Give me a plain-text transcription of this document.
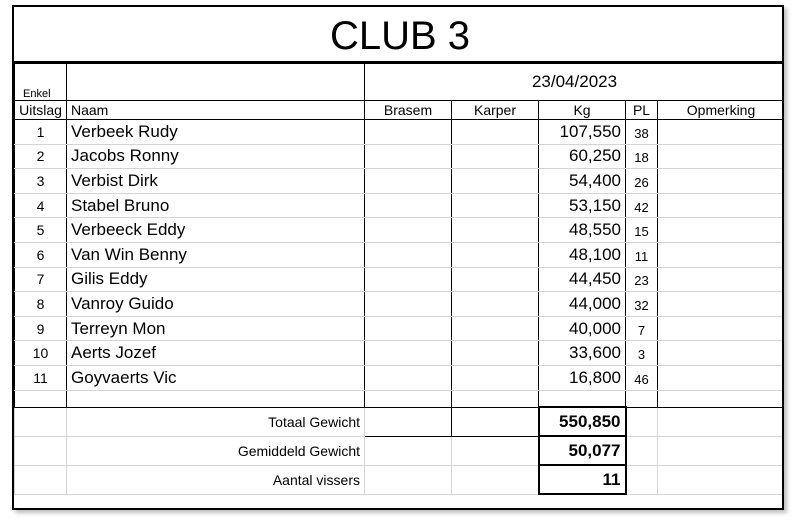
CLUB 3
Enkel		23/04/2023				
Uitslag	Naam	Brasem	Karper	Kg	PL	Opmerking
1	Verbeek Rudy			107,550	38	
2	Jacobs Ronny			60,250	18	
3	Verbist Dirk			54,400	26	
4	Stabel Bruno			53,150	42	
5	Verbeeck Eddy			48,550	15	
6	Van Win Benny			48,100	11	
7	Gilis Eddy			44,450	23	
8	Vanroy Guido			44,000	32	
9	Terreyn Mon			40,000	7	
10	Aerts Jozef			33,600	3	
11	Goyvaerts Vic			16,800	46	

	Totaal Gewicht			550,850		
	Gemiddeld Gewicht			50,077		
	Aantal vissers			11		
